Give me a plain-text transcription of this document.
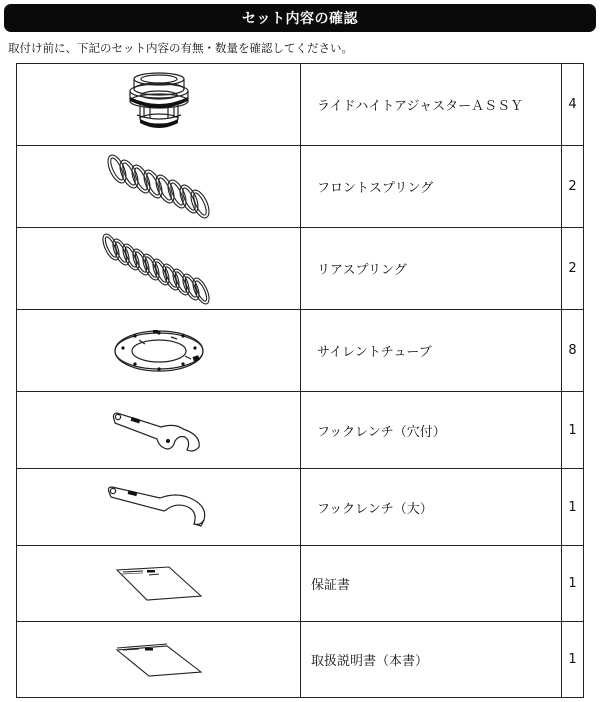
セット内容の確認
取付け前に、下記のセット内容の有無・数量を確認してください。
	ライドハイトアジャスターＡＳＳＹ	4

	フロントスプリング	2

	リアスプリング	2

	サイレントチューブ	8

	フックレンチ（穴付）	1

	フックレンチ（大）	1

	保証書	1

	取扱説明書（本書）	1
